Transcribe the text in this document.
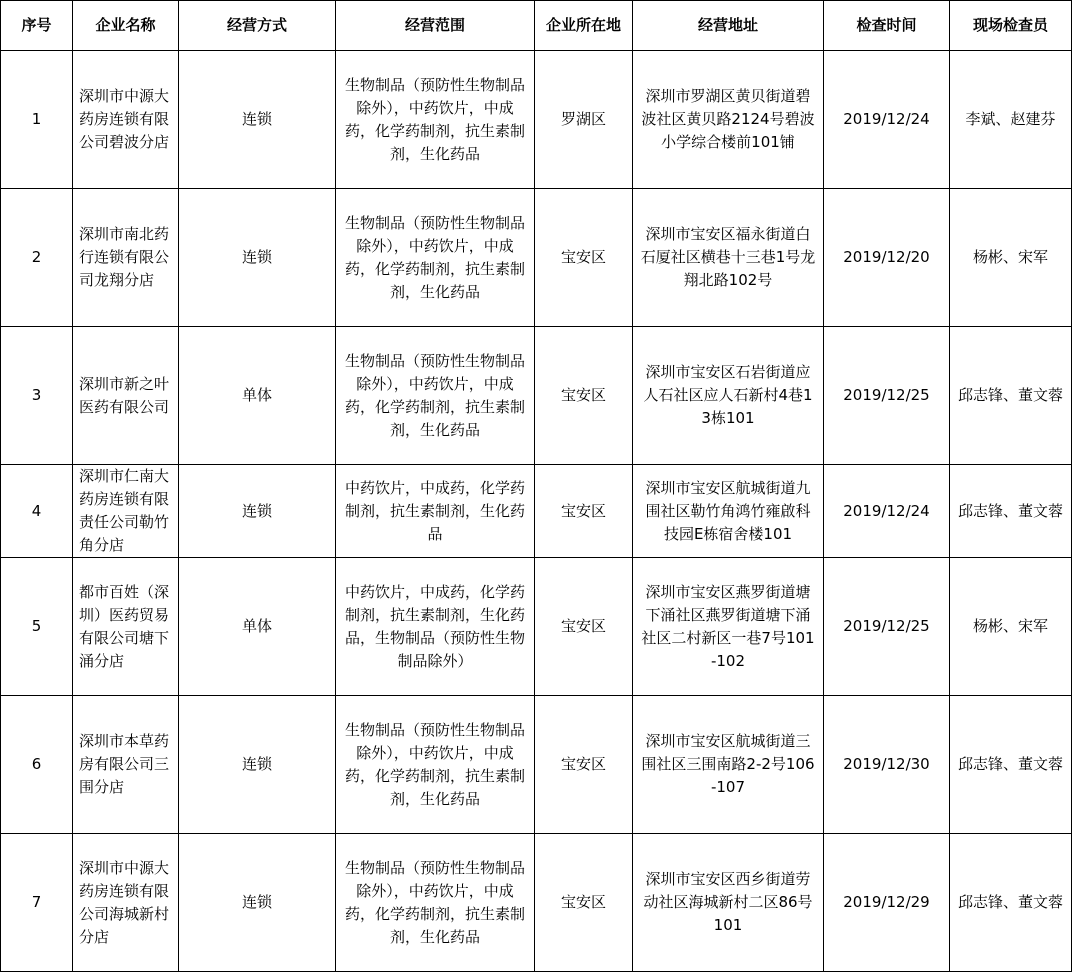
序号	企业名称	经营方式	经营范围	企业所在地	经营地址	检查时间	现场检查员
1	深圳市中源大药房连锁有限公司碧波分店	连锁	生物制品（预防性生物制品除外），中药饮片，中成药，化学药制剂，抗生素制剂，生化药品	罗湖区	深圳市罗湖区黄贝街道碧波社区黄贝路2124号碧波小学综合楼前101铺	2019/12/24	李斌、赵建芬
2	深圳市南北药行连锁有限公司龙翔分店	连锁	生物制品（预防性生物制品除外），中药饮片，中成药，化学药制剂，抗生素制剂，生化药品	宝安区	深圳市宝安区福永街道白石厦社区横巷十三巷1号龙翔北路102号	2019/12/20	杨彬、宋军
3	深圳市新之叶医药有限公司	单体	生物制品（预防性生物制品除外），中药饮片，中成药，化学药制剂，抗生素制剂，生化药品	宝安区	深圳市宝安区石岩街道应人石社区应人石新村4巷13栋101	2019/12/25	邱志锋、董文蓉
4	深圳市仁南大药房连锁有限责任公司勒竹角分店	连锁	中药饮片，中成药，化学药制剂，抗生素制剂，生化药品	宝安区	深圳市宝安区航城街道九围社区勒竹角鸿竹雍啟科技园E栋宿舍楼101	2019/12/24	邱志锋、董文蓉
5	都市百姓（深圳）医药贸易有限公司塘下涌分店	单体	中药饮片，中成药，化学药制剂，抗生素制剂，生化药品，生物制品（预防性生物制品除外）	宝安区	深圳市宝安区燕罗街道塘下涌社区燕罗街道塘下涌社区二村新区一巷7号101-102	2019/12/25	杨彬、宋军
6	深圳市本草药房有限公司三围分店	连锁	生物制品（预防性生物制品除外），中药饮片，中成药，化学药制剂，抗生素制剂，生化药品	宝安区	深圳市宝安区航城街道三围社区三围南路2-2号106-107	2019/12/30	邱志锋、董文蓉
7	深圳市中源大药房连锁有限公司海城新村分店	连锁	生物制品（预防性生物制品除外），中药饮片，中成药，化学药制剂，抗生素制剂，生化药品	宝安区	深圳市宝安区西乡街道劳动社区海城新村二区86号101	2019/12/29	邱志锋、董文蓉
